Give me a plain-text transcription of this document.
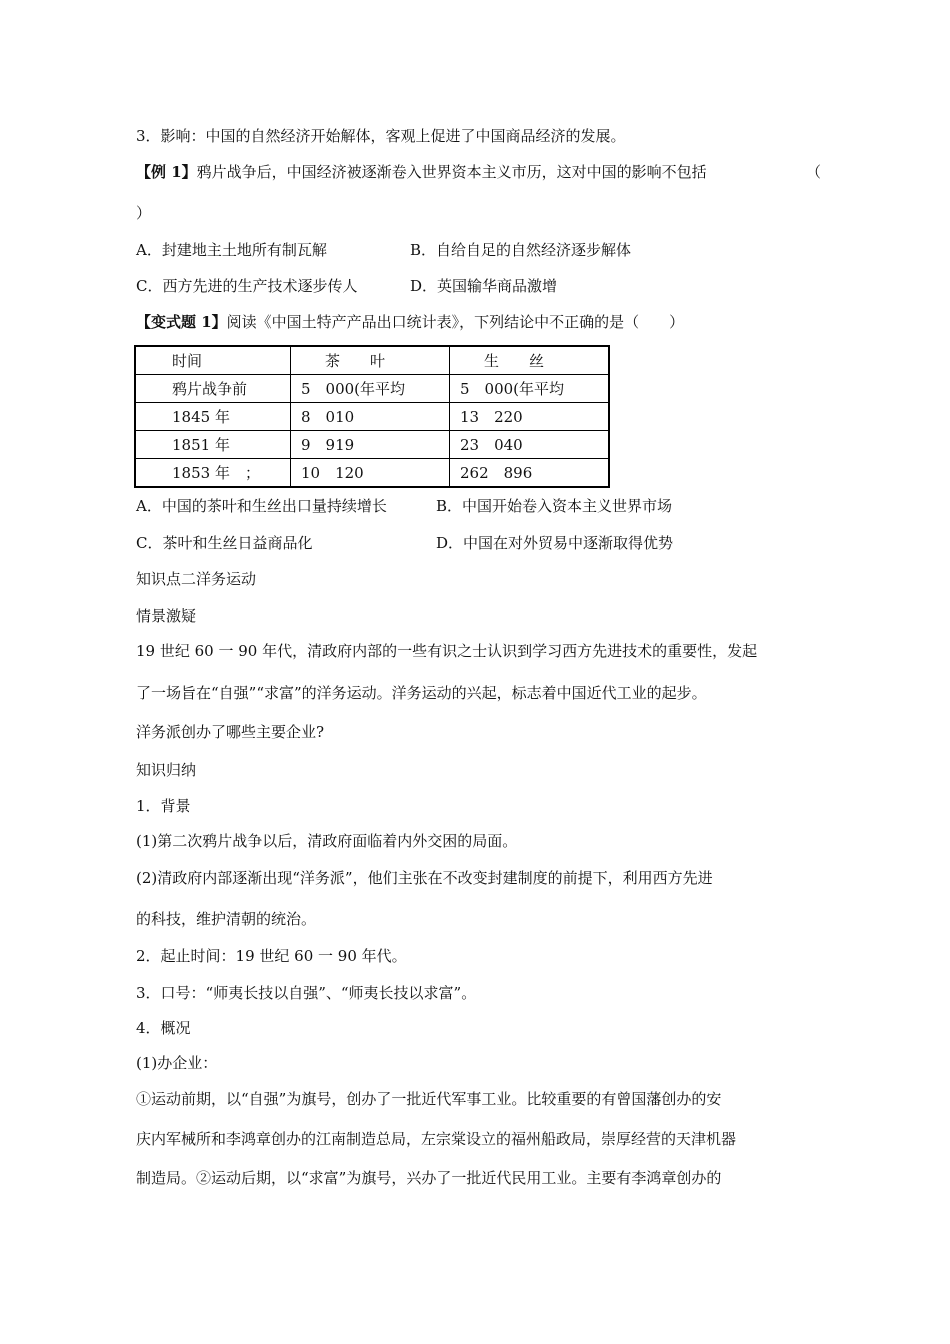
3．影响：中国的自然经济开始解体，客观上促进了中国商品经济的发展。
【例 1】鸦片战争后，中国经济被逐渐卷入世界资本主义市历，这对中国的影响不包括	（
）
A．封建地主土地所有制瓦解	B．自给自足的自然经济逐步解体
C．西方先进的生产技术逐步传人	D．英国输华商品激增
【变式题 1】阅读《中国土特产产品出口统计表》，下列结论中不正确的是（　　）
时间	茶　　叶	生　　丝
鸦片战争前	5　000(年平均	5　000(年平均
1845 年	8　010	13　220
1851 年	9　919	23　040
1853 年　；	10　120	262　896
A．中国的茶叶和生丝出口量持续增长	B．中国开始卷入资本主义世界市场
C．茶叶和生丝日益商品化	D．中国在对外贸易中逐渐取得优势
知识点二洋务运动
情景激疑
19 世纪 60 一 90 年代，清政府内部的一些有识之士认识到学习西方先进技术的重要性，发起
了一场旨在“自强”“求富”的洋务运动。洋务运动的兴起，标志着中国近代工业的起步。
洋务派创办了哪些主要企业?
知识归纳
1．背景
(1)第二次鸦片战争以后，清政府面临着内外交困的局面。
(2)清政府内部逐渐出现“洋务派”，他们主张在不改变封建制度的前提下，利用西方先进
的科技，维护清朝的统治。
2．起止时间：19 世纪 60 一 90 年代。
3．口号：“师夷长技以自强”、“师夷长技以求富”。
4．概况
(1)办企业：
①运动前期，以“自强”为旗号，创办了一批近代军事工业。比较重要的有曾国藩创办的安
庆内军械所和李鸿章创办的江南制造总局，左宗棠设立的福州船政局，崇厚经营的天津机器
制造局。②运动后期，以“求富”为旗号，兴办了一批近代民用工业。主要有李鸿章创办的
